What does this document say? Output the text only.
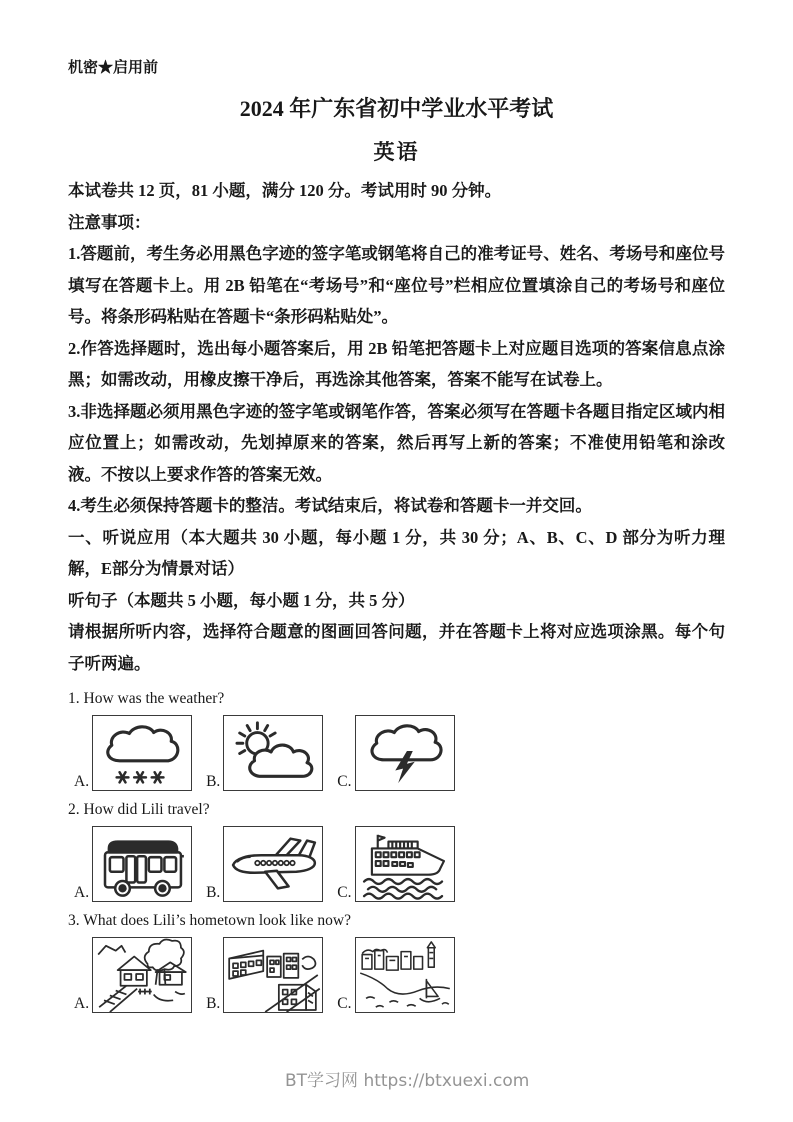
机密★启用前
2024 年广东省初中学业水平考试
英语

本试卷共 12 页，81 小题，满分 120 分。考试用时 90 分钟。

注意事项：

1.答题前，考生务必用黑色字迹的签字笔或钢笔将自己的准考证号、姓名、考场号和座位号填写在答题卡上。用 2B 铅笔在“考场号”和“座位号”栏相应位置填涂自己的考场号和座位号。将条形码粘贴在答题卡“条形码粘贴处”。

2.作答选择题时，选出每小题答案后，用 2B 铅笔把答题卡上对应题目选项的答案信息点涂黑；如需改动，用橡皮擦干净后，再选涂其他答案，答案不能写在试卷上。

3.非选择题必须用黑色字迹的签字笔或钢笔作答，答案必须写在答题卡各题目指定区域内相应位置上；如需改动，先划掉原来的答案，然后再写上新的答案；不准使用铅笔和涂改液。不按以上要求作答的答案无效。

4.考生必须保持答题卡的整洁。考试结束后，将试卷和答题卡一并交回。

一、听说应用（本大题共 30 小题，每小题 1 分，共 30 分；A、B、C、D 部分为听力理解，E部分为情景对话）

听句子（本题共 5 小题，每小题 1 分，共 5 分）

请根据所听内容，选择符合题意的图画回答问题，并在答题卡上将对应选项涂黑。每个句子听两遍。

1. How was the weather?
A.	B.	C.
2. How did Lili travel?
A.	B.	C.
3. What does Lili’s hometown look like now?
A.	B.	C.
BT学习网 https://btxuexi.com
